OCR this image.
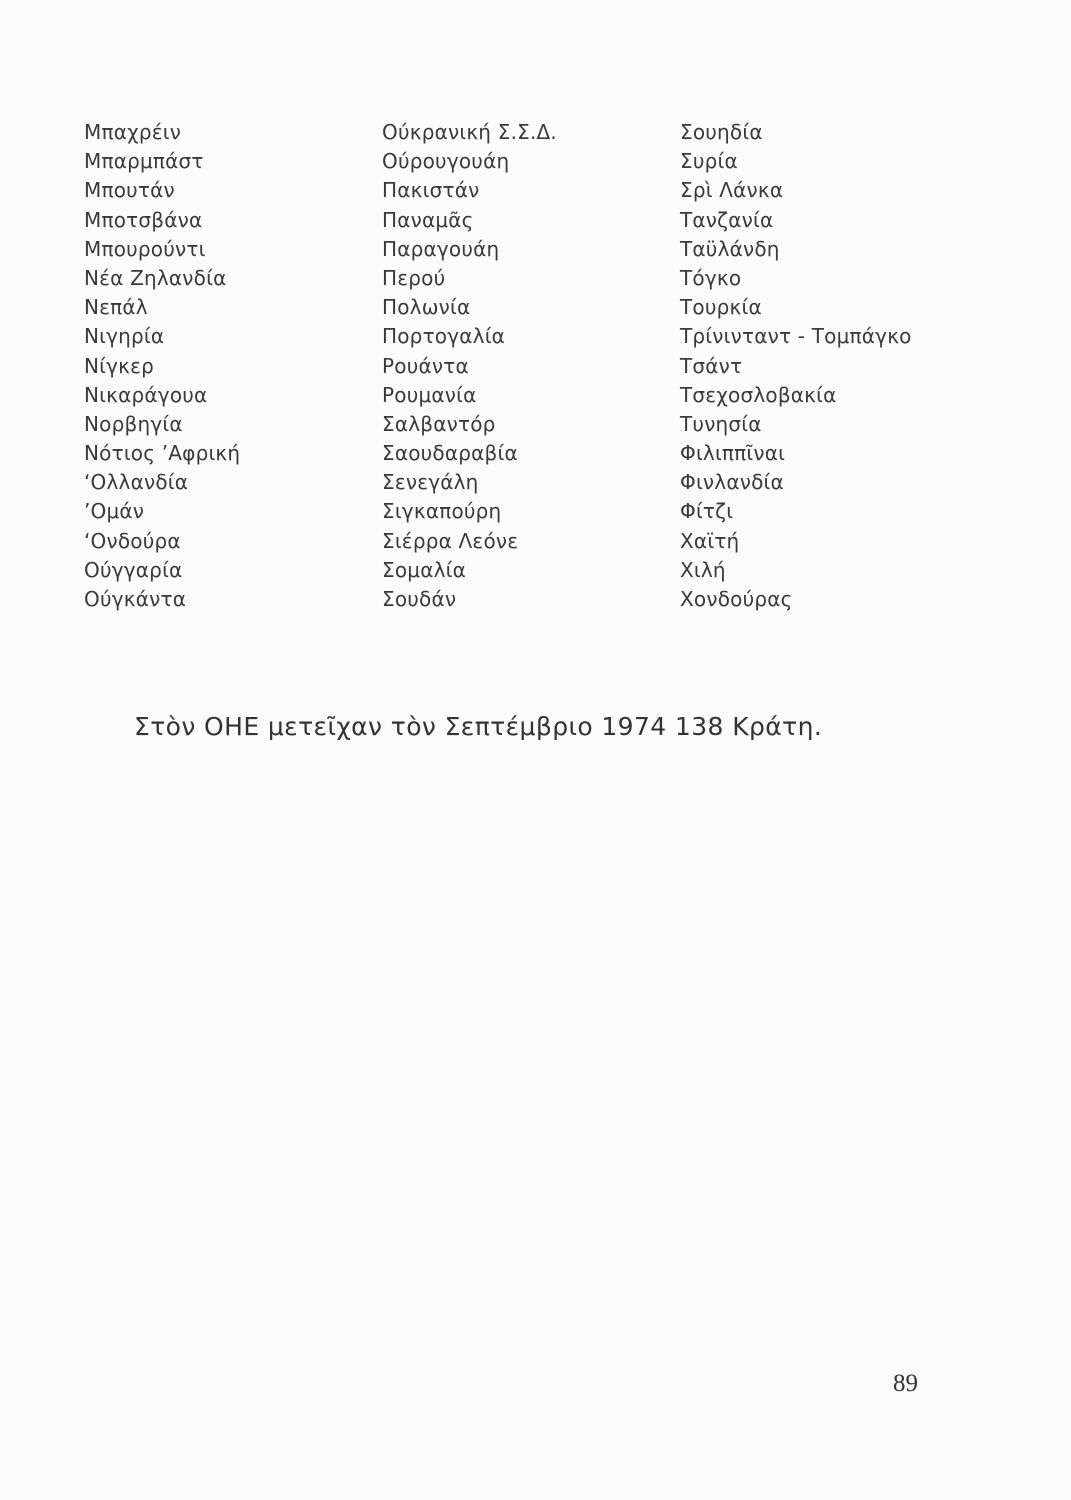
Μπαχρέιν
Μπαρμπάστ
Μπουτάν
Μποτσβάνα
Μπουρούντι
Νέα Ζηλανδία
Νεπάλ
Νιγηρία
Νίγκερ
Νικαράγουα
Νορβηγία
Νότιος ’Αφρική
‘Ολλανδία
’Ομάν
‘Ονδούρα
Ούγγαρία
Ούγκάντα
Ούκρανική Σ.Σ.Δ.
Ούρουγουάη
Πακιστάν
Παναμᾶς
Παραγουάη
Περού
Πολωνία
Πορτογαλία
Ρουάντα
Ρουμανία
Σαλβαντόρ
Σαουδαραβία
Σενεγάλη
Σιγκαπούρη
Σιέρρα Λεόνε
Σομαλία
Σουδάν
Σουηδία
Συρία
Σρὶ Λάνκα
Τανζανία
Ταϋλάνδη
Τόγκο
Τουρκία
Τρίνινταντ - Τομπάγκο
Τσάντ
Τσεχοσλοβακία
Τυνησία
Φιλιππῖναι
Φινλανδία
Φίτζι
Χαϊτή
Χιλή
Χονδούρας
Στὸν ΟΗΕ μετεῖχαν τὸν Σεπτέμβριο 1974 138 Κράτη.
89
